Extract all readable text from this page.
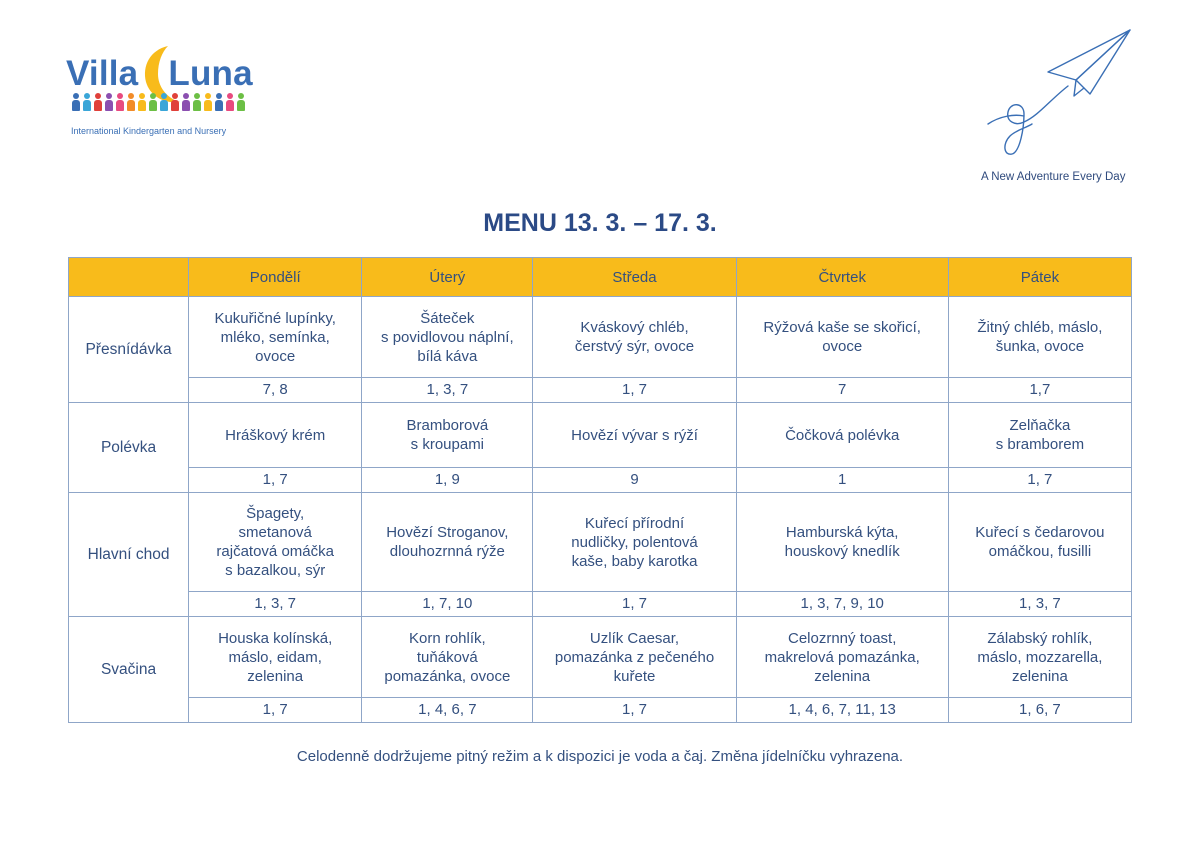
Villa Luna
International Kindergarten and Nursery
A New Adventure Every Day
MENU 13. 3. – 17. 3.
	Pondělí	Úterý	Středa	Čtvrtek	Pátek
Přesnídávka	Kukuřičné lupínky,
mléko, semínka,
ovoce	Šáteček
s povidlovou náplní,
bílá káva	Kváskový chléb,
čerstvý sýr, ovoce	Rýžová kaše se skořicí,
ovoce	Žitný chléb, máslo,
šunka, ovoce
	7, 8	1, 3, 7	1, 7	7	1,7
Polévka	Hráškový krém	Bramborová
s kroupami	Hovězí vývar s rýží	Čočková polévka	Zelňačka
s bramborem
	1, 7	1, 9	9	1	1, 7
Hlavní chod	Špagety,
smetanová
rajčatová omáčka
s bazalkou, sýr	Hovězí Stroganov,
dlouhozrnná rýže	Kuřecí přírodní
nudličky, polentová
kaše, baby karotka	Hamburská kýta,
houskový knedlík	Kuřecí s čedarovou
omáčkou, fusilli
	1, 3, 7	1, 7, 10	1, 7	1, 3, 7, 9, 10	1, 3, 7
Svačina	Houska kolínská,
máslo, eidam,
zelenina	Korn rohlík,
tuňáková
pomazánka, ovoce	Uzlík Caesar,
pomazánka z pečeného
kuřete	Celozrnný toast,
makrelová pomazánka,
zelenina	Zálabský rohlík,
máslo, mozzarella,
zelenina
	1, 7	1, 4, 6, 7	1, 7	1, 4, 6, 7, 11, 13	1, 6, 7
Celodenně dodržujeme pitný režim a k dispozici je voda a čaj. Změna jídelníčku vyhrazena.
